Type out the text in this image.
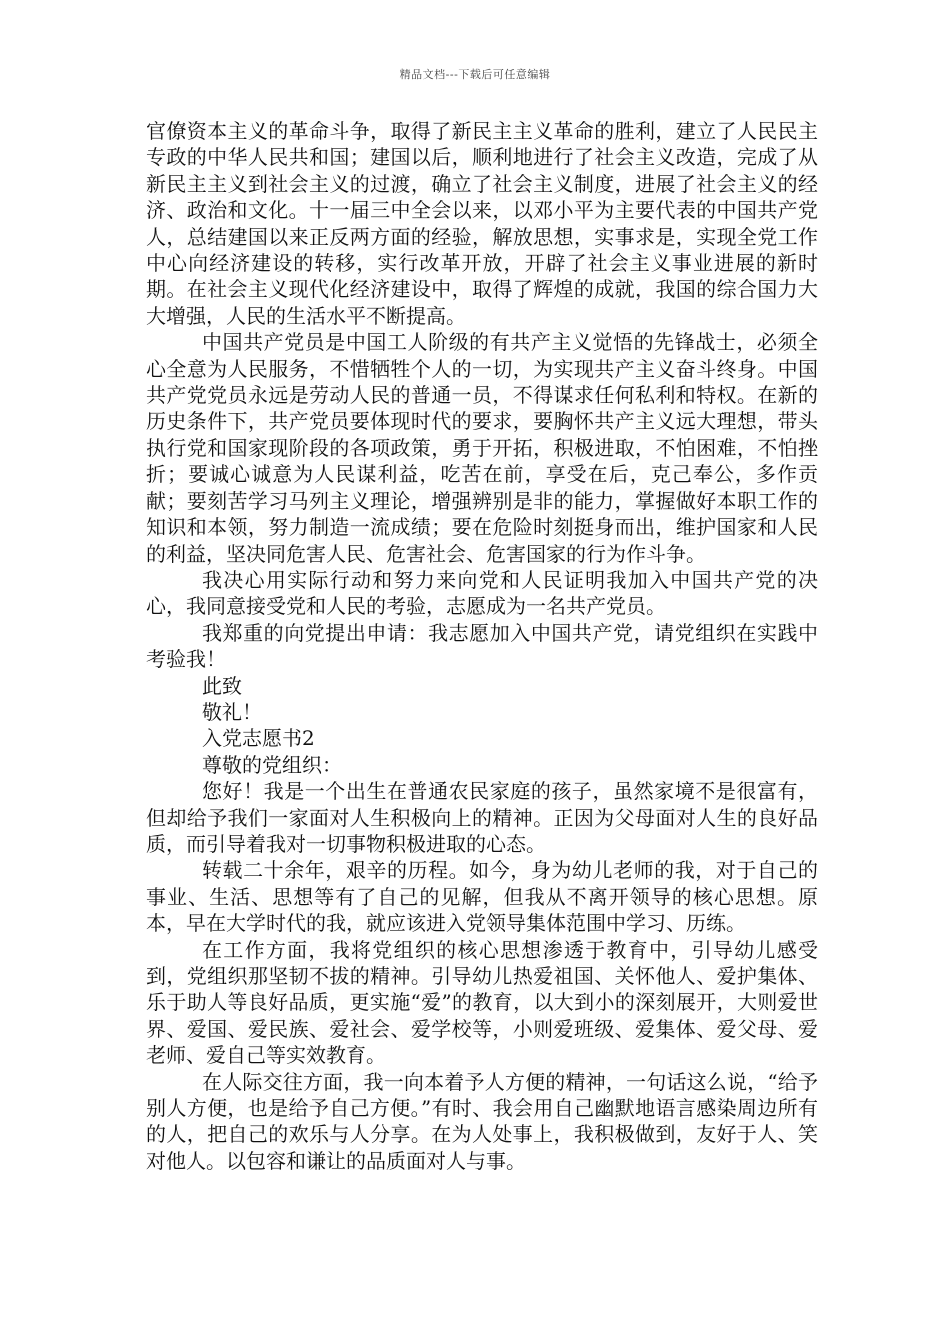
精品文档---下载后可任意编辑

官僚资本主义的革命斗争，取得了新民主主义革命的胜利，建立了人民民主专政的中华人民共和国；建国以后，顺利地进行了社会主义改造，完成了从新民主主义到社会主义的过渡，确立了社会主义制度，进展了社会主义的经济、政治和文化。十一届三中全会以来，以邓小平为主要代表的中国共产党人，总结建国以来正反两方面的经验，解放思想，实事求是，实现全党工作中心向经济建设的转移，实行改革开放，开辟了社会主义事业进展的新时期。在社会主义现代化经济建设中，取得了辉煌的成就，我国的综合国力大大增强，人民的生活水平不断提高。

中国共产党员是中国工人阶级的有共产主义觉悟的先锋战士，必须全心全意为人民服务，不惜牺牲个人的一切，为实现共产主义奋斗终身。中国共产党党员永远是劳动人民的普通一员，不得谋求任何私利和特权。在新的历史条件下，共产党员要体现时代的要求，要胸怀共产主义远大理想，带头执行党和国家现阶段的各项政策，勇于开拓，积极进取，不怕困难，不怕挫折；要诚心诚意为人民谋利益，吃苦在前，享受在后，克己奉公，多作贡献；要刻苦学习马列主义理论，增强辨别是非的能力，掌握做好本职工作的知识和本领，努力制造一流成绩；要在危险时刻挺身而出，维护国家和人民的利益，坚决同危害人民、危害社会、危害国家的行为作斗争。

我决心用实际行动和努力来向党和人民证明我加入中国共产党的决心，我同意接受党和人民的考验，志愿成为一名共产党员。

我郑重的向党提出申请：我志愿加入中国共产党，请党组织在实践中考验我！

此致

敬礼！

入党志愿书2

尊敬的党组织：

您好！我是一个出生在普通农民家庭的孩子，虽然家境不是很富有，但却给予我们一家面对人生积极向上的精神。正因为父母面对人生的良好品质，而引导着我对一切事物积极进取的心态。

转载二十余年，艰辛的历程。如今，身为幼儿老师的我，对于自己的事业、生活、思想等有了自己的见解，但我从不离开领导的核心思想。原本，早在大学时代的我，就应该进入党领导集体范围中学习、历练。

在工作方面，我将党组织的核心思想渗透于教育中，引导幼儿感受到，党组织那坚韧不拔的精神。引导幼儿热爱祖国、关怀他人、爱护集体、乐于助人等良好品质，更实施“爱”的教育，以大到小的深刻展开，大则爱世界、爱国、爱民族、爱社会、爱学校等，小则爱班级、爱集体、爱父母、爱老师、爱自己等实效教育。

在人际交往方面，我一向本着予人方便的精神，一句话这么说，“给予别人方便，也是给予自己方便。”有时、我会用自己幽默地语言感染周边所有的人，把自己的欢乐与人分享。在为人处事上，我积极做到，友好于人、笑对他人。以包容和谦让的品质面对人与事。
